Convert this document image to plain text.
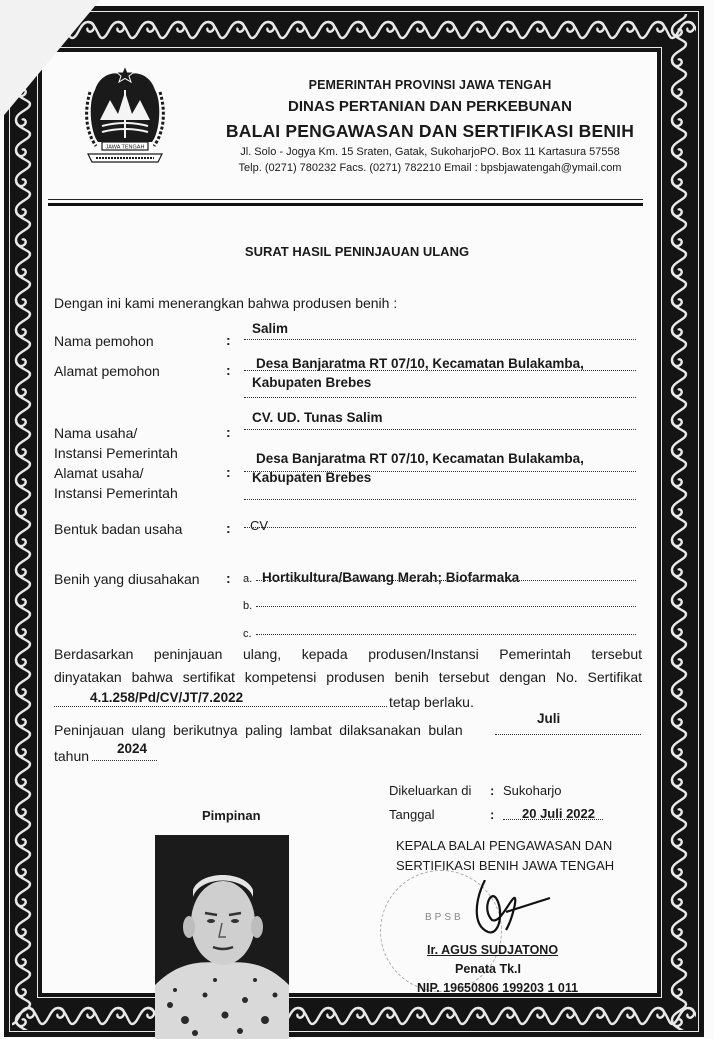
JAWA TENGAH
PEMERINTAH PROVINSI JAWA TENGAH
DINAS PERTANIAN DAN PERKEBUNAN
BALAI PENGAWASAN DAN SERTIFIKASI BENIH
Jl. Solo - Jogya Km. 15 Sraten, Gatak, SukoharjoPO. Box 11 Kartasura 57558
Telp. (0271) 780232 Facs. (0271) 782210 Email : bpsbjawatengah@ymail.com
SURAT HASIL PENINJAUAN ULANG
Dengan ini kami menerangkan bahwa produsen benih :
Nama pemohon	:
Salim
Alamat pemohon	: Desa Banjaratma RT 07/10, Kecamatan Bulakamba,
Kabupaten Brebes
Nama usaha/
Instansi Pemerintah
:
CV. UD. Tunas Salim
Alamat usaha/
Instansi Pemerintah
:
Desa Banjaratma RT 07/10, Kecamatan Bulakamba,
Kabupaten Brebes
Bentuk badan usaha	: CV
Benih yang diusahakan : a. Hortikultura/Bawang Merah; Biofarmaka
b.
c.
Berdasarkan peninjauan ulang, kepada produsen/Instansi Pemerintah tersebut
dinyatakan bahwa sertifikat kompetensi produsen benih tersebut dengan No. Sertifikat
4.1.258/Pd/CV/JT/7.2022	tetap berlaku.
Peninjauan ulang berikutnya paling lambat dilaksanakan bulan
Juli
tahun 2024
Pimpinan
Dikeluarkan di : Sukoharjo
Tanggal	: 20 Juli 2022
KEPALA BALAI PENGAWASAN DAN
SERTIFIKASI BENIH JAWA TENGAH
BPSB
Ir. AGUS SUDJATONO
Penata Tk.I
NIP. 19650806 199203 1 011
